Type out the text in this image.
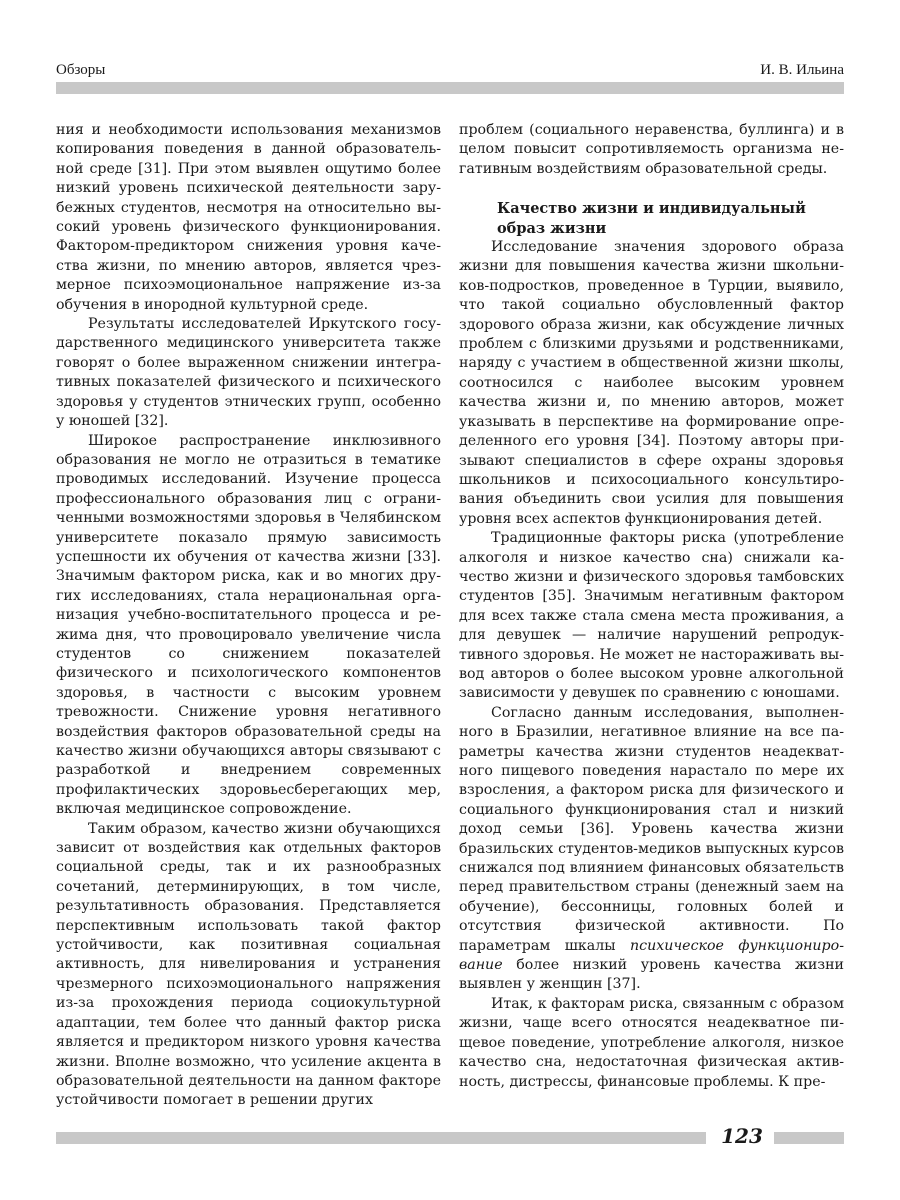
Обзоры	И. В. Ильина

ния и необходимости использования механизмов копирования поведения в данной образовательной среде [31]. При этом выявлен ощутимо более низкий уровень психической деятельности зарубежных студентов, несмотря на относительно высокий уровень физического функционирования. Фактором-предиктором снижения уровня качества жизни, по мнению авторов, является чрезмерное психоэмоциональное напряжение из-за обучения в инородной культурной среде.

Результаты исследователей Иркутского государственного медицинского университета также говорят о более выраженном снижении интегративных показателей физического и психического здоровья у студентов этнических групп, особенно у юношей [32].

Широкое распространение инклюзивного образования не могло не отразиться в тематике проводимых исследований. Изучение процесса профессионального образования лиц с ограниченными возможностями здоровья в Челябинском университете показало прямую зависимость успешности их обучения от качества жизни [33]. Значимым фактором риска, как и во многих других исследованиях, стала нерациональная организация учебно-воспитательного процесса и режима дня, что провоцировало увеличение числа студентов со снижением показателей физического и психологического компонентов здоровья, в частности с высоким уровнем тревожности. Снижение уровня негативного воздействия факторов образовательной среды на качество жизни обучающихся авторы связывают с разработкой и внедрением современных профилактических здоровьесберегающих мер, включая медицинское сопровождение.

Таким образом, качество жизни обучающихся зависит от воздействия как отдельных факторов социальной среды, так и их разнообразных сочетаний, детерминирующих, в том числе, результативность образования. Представляется перспективным использовать такой фактор устойчивости, как позитивная социальная активность, для нивелирования и устранения чрезмерного психоэмоционального напряжения из-за прохождения периода социокультурной адаптации, тем более что данный фактор риска является и предиктором низкого уровня качества жизни. Вполне возможно, что усиление акцента в образовательной деятельности на данном факторе устойчивости помогает в решении других

проблем (социального неравенства, буллинга) и в целом повысит сопротивляемость организма негативным воздействиям образовательной среды.

Качество жизни и индивидуальный образ жизни

Исследование значения здорового образа жизни для повышения качества жизни школьников-подростков, проведенное в Турции, выявило, что такой социально обусловленный фактор здорового образа жизни, как обсуждение личных проблем с близкими друзьями и родственниками, наряду с участием в общественной жизни школы, соотносился с наиболее высоким уровнем качества жизни и, по мнению авторов, может указывать в перспективе на формирование определенного его уровня [34]. Поэтому авторы призывают специалистов в сфере охраны здоровья школьников и психосоциального консультирования объединить свои усилия для повышения уровня всех аспектов функционирования детей.

Традиционные факторы риска (употребление алкоголя и низкое качество сна) снижали качество жизни и физического здоровья тамбовских студентов [35]. Значимым негативным фактором для всех также стала смена места проживания, а для девушек — наличие нарушений репродуктивного здоровья. Не может не настораживать вывод авторов о более высоком уровне алкогольной зависимости у девушек по сравнению с юношами.

Согласно данным исследования, выполненного в Бразилии, негативное влияние на все параметры качества жизни студентов неадекватного пищевого поведения нарастало по мере их взросления, а фактором риска для физического и социального функционирования стал и низкий доход семьи [36]. Уровень качества жизни бразильских студентов-медиков выпускных курсов снижался под влиянием финансовых обязательств перед правительством страны (денежный заем на обучение), бессонницы, головных болей и отсутствия физической активности. По параметрам шкалы психическое функционирование более низкий уровень качества жизни выявлен у женщин [37].

Итак, к факторам риска, связанным с образом жизни, чаще всего относятся неадекватное пищевое поведение, употребление алкоголя, низкое качество сна, недостаточная физическая активность, дистрессы, финансовые проблемы. К пре-

123
